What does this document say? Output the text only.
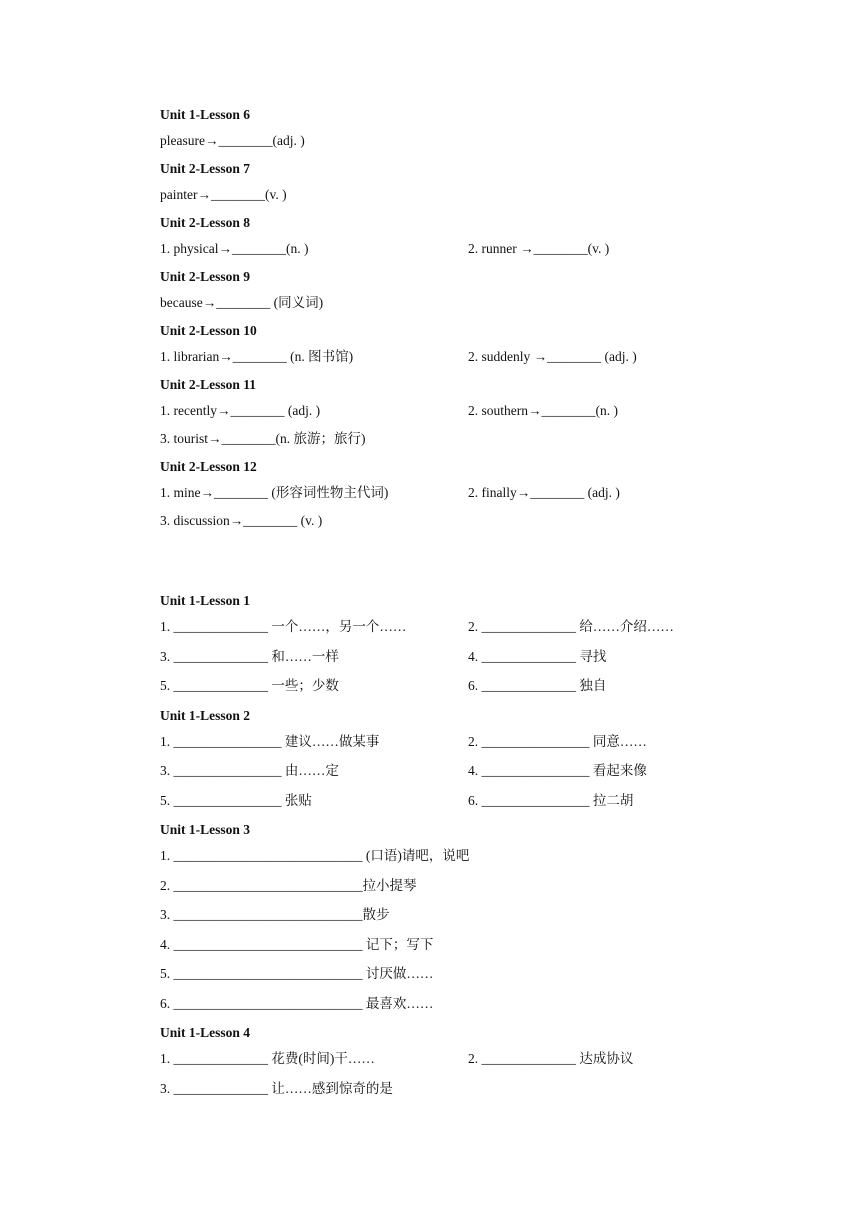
Unit 1-Lesson 6
pleasure→________(adj. )
Unit 2-Lesson 7
painter→________(v. )
Unit 2-Lesson 8
1. physical→________(n. )	2. runner →________(v. )
Unit 2-Lesson 9
because→________ (同义词)
Unit 2-Lesson 10
1. librarian→________ (n. 图书馆)	2. suddenly →________ (adj. )
Unit 2-Lesson 11
1. recently→________ (adj. )	2. southern→________(n. )
3. tourist→________(n. 旅游；旅行)
Unit 2-Lesson 12
1. mine→________ (形容词性物主代词)	2. finally→________ (adj. )
3. discussion→________ (v. )
Unit 1-Lesson 1
1. ______________ 一个……，另一个……	2. ______________ 给……介绍……
3. ______________ 和……一样	4. ______________ 寻找
5. ______________ 一些；少数	6. ______________ 独自
Unit 1-Lesson 2
1. ________________ 建议……做某事	2. ________________ 同意……
3. ________________ 由……定	4. ________________ 看起来像
5. ________________ 张贴	6. ________________ 拉二胡
Unit 1-Lesson 3
1. ____________________________ (口语)请吧，说吧
2. ____________________________拉小提琴
3. ____________________________散步
4. ____________________________ 记下；写下
5. ____________________________ 讨厌做……
6. ____________________________ 最喜欢……
Unit 1-Lesson 4
1. ______________ 花费(时间)干……	2. ______________ 达成协议
3. ______________ 让……感到惊奇的是
